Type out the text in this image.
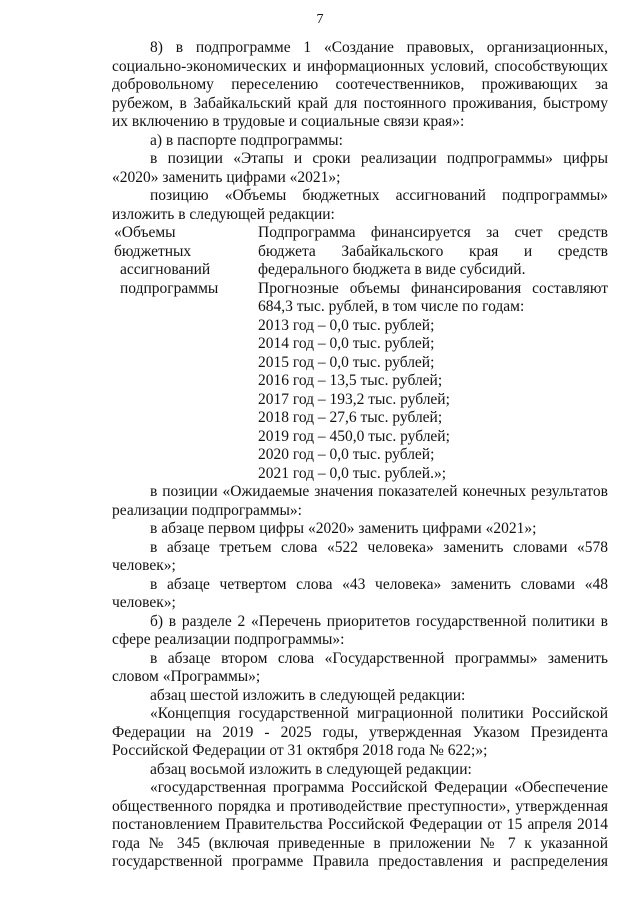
7

8) в подпрограмме 1 «Создание правовых, организационных, социально-экономических и информационных условий, способствующих добровольному переселению соотечественников, проживающих за рубежом, в Забайкальский край для постоянного проживания, быстрому их включению в трудовые и социальные связи края»:

а) в паспорте подпрограммы:

в позиции «Этапы и сроки реализации подпрограммы» цифры «2020» заменить цифрами «2021»;

позицию «Объемы бюджетных ассигнований подпрограммы» изложить в следующей редакции:

«Объемы
бюджетных
ассигнований
подпрограммы

Подпрограмма финансируется за счет средств бюджета Забайкальского края и средств федерального бюджета в виде субсидий.

Прогнозные объемы финансирования составляют 684,3 тыс. рублей, в том числе по годам:

2013 год – 0,0 тыс. рублей;
2014 год – 0,0 тыс. рублей;
2015 год – 0,0 тыс. рублей;
2016 год – 13,5 тыс. рублей;
2017 год – 193,2 тыс. рублей;
2018 год – 27,6 тыс. рублей;
2019 год – 450,0 тыс. рублей;
2020 год – 0,0 тыс. рублей;
2021 год – 0,0 тыс. рублей.»;

в позиции «Ожидаемые значения показателей конечных результатов реализации подпрограммы»:

в абзаце первом цифры «2020» заменить цифрами «2021»;

в абзаце третьем слова «522 человека» заменить словами «578 человек»;

в абзаце четвертом слова «43 человека» заменить словами «48 человек»;

б) в разделе 2 «Перечень приоритетов государственной политики в сфере реализации подпрограммы»:

в абзаце втором слова «Государственной программы» заменить словом «Программы»;

абзац шестой изложить в следующей редакции:

«Концепция государственной миграционной политики Российской Федерации на 2019 - 2025 годы, утвержденная Указом Президента Российской Федерации от 31 октября 2018 года № 622;»;

абзац восьмой изложить в следующей редакции:

«государственная программа Российской Федерации «Обеспечение общественного порядка и противодействие преступности», утвержденная постановлением Правительства Российской Федерации от 15 апреля 2014 года № 345 (включая приведенные в приложении № 7 к указанной государственной программе Правила предоставления и распределения
